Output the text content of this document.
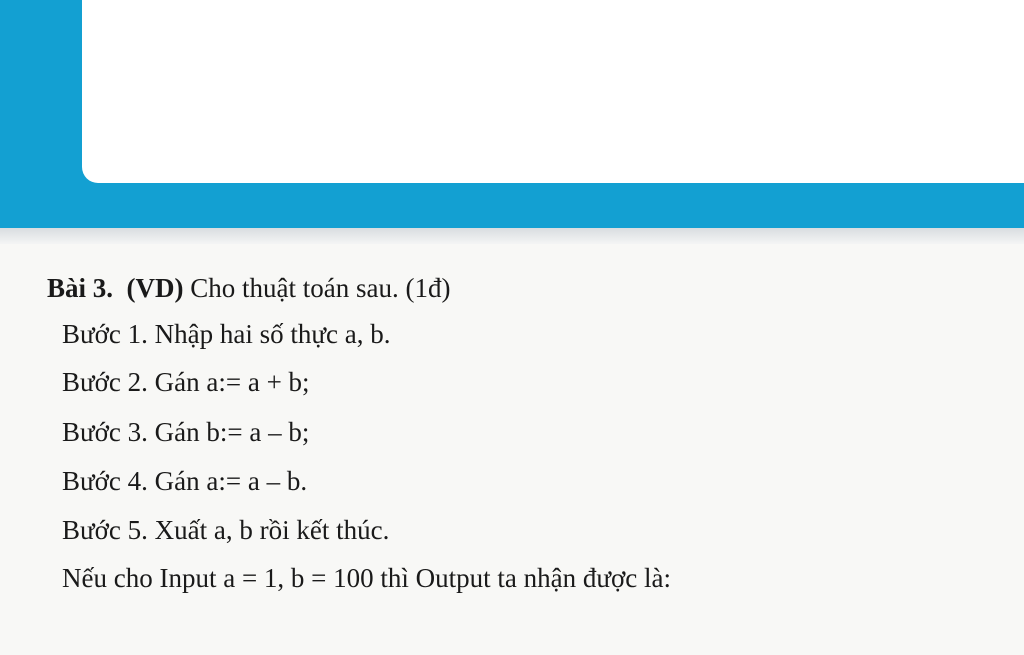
Bài 3. (VD) Cho thuật toán sau. (1đ)
Bước 1. Nhập hai số thực a, b.
Bước 2. Gán a:= a + b;
Bước 3. Gán b:= a – b;
Bước 4. Gán a:= a – b.
Bước 5. Xuất a, b rồi kết thúc.
Nếu cho Input a = 1, b = 100 thì Output ta nhận được là:
